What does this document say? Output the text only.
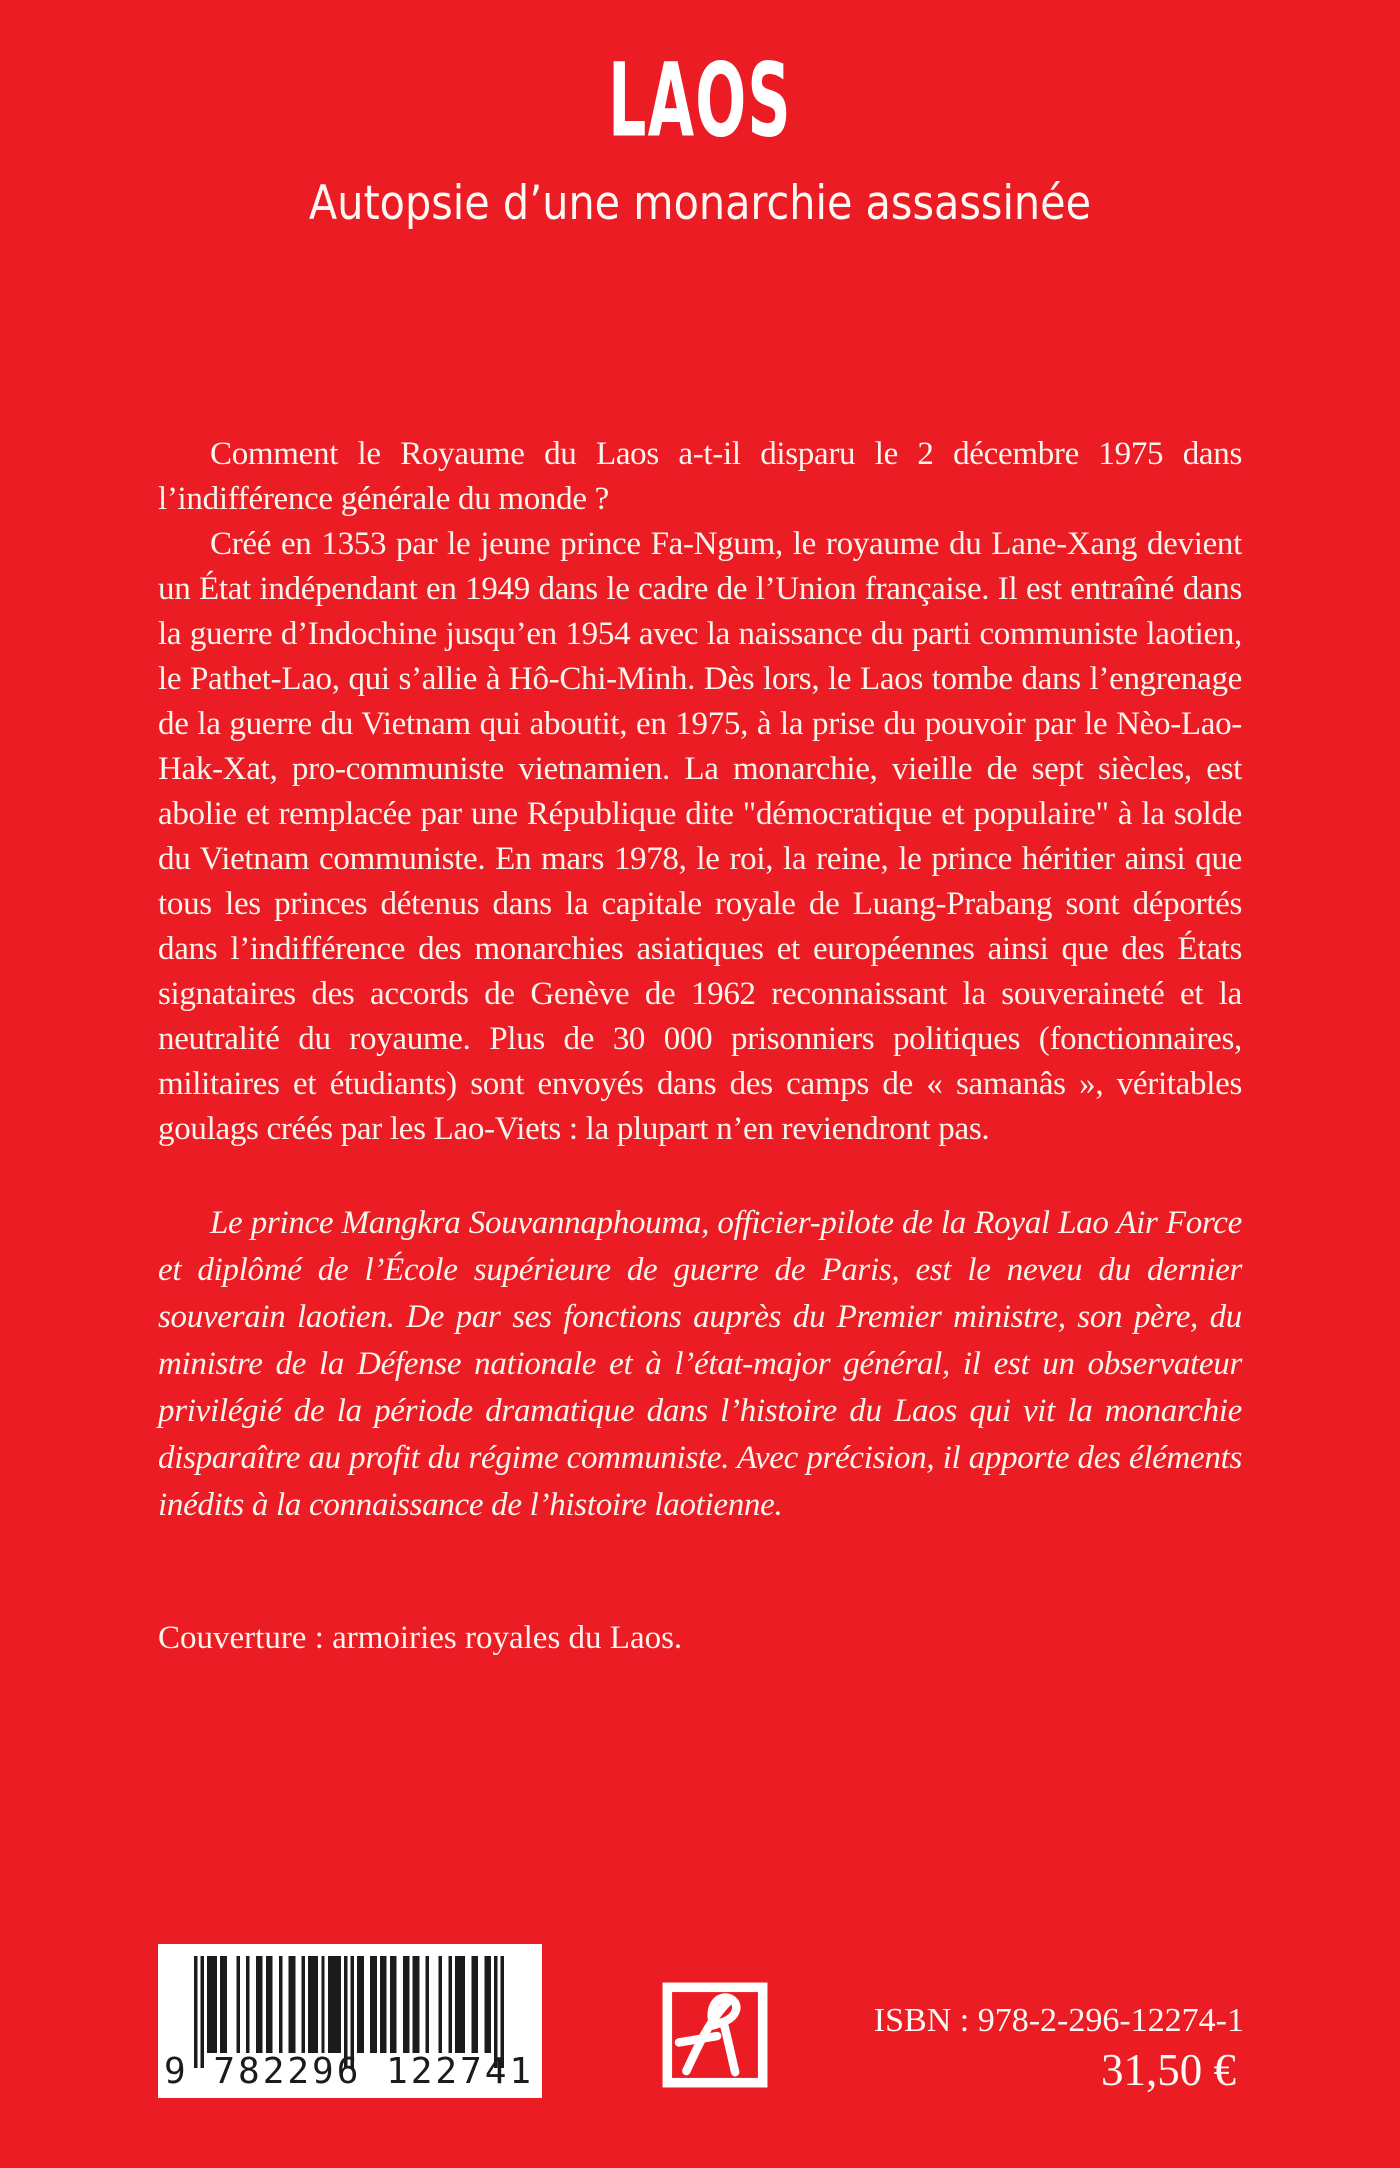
LAOS
Autopsie d’une monarchie assassinée

Comment le Royaume du Laos a-t-il disparu le 2 décembre 1975 dans l’indifférence générale du monde ?

Créé en 1353 par le jeune prince Fa-Ngum, le royaume du Lane-Xang devient un État indépendant en 1949 dans le cadre de l’Union française. Il est entraîné dans la guerre d’Indochine jusqu’en 1954 avec la naissance du parti communiste laotien, le Pathet-Lao, qui s’allie à Hô-Chi-Minh. Dès lors, le Laos tombe dans l’engrenage de la guerre du Vietnam qui aboutit, en 1975, à la prise du pouvoir par le Nèo-Lao-Hak-Xat, pro-communiste vietnamien. La monarchie, vieille de sept siècles, est abolie et remplacée par une République dite "démocratique et populaire" à la solde du Vietnam communiste. En mars 1978, le roi, la reine, le prince héritier ainsi que tous les princes détenus dans la capitale royale de Luang-Prabang sont déportés dans l’indifférence des monarchies asiatiques et européennes ainsi que des États signataires des accords de Genève de 1962 reconnaissant la souveraineté et la neutralité du royaume. Plus de 30 000 prisonniers politiques (fonctionnaires, militaires et étudiants) sont envoyés dans des camps de « samanâs », véritables goulags créés par les Lao-Viets : la plupart n’en reviendront pas.

Le prince Mangkra Souvannaphouma, officier-pilote de la Royal Lao Air Force et diplômé de l’École supérieure de guerre de Paris, est le neveu du dernier souverain laotien. De par ses fonctions auprès du Premier ministre, son père, du ministre de la Défense nationale et à l’état-major général, il est un observateur privilégié de la période dramatique dans l’histoire du Laos qui vit la monarchie disparaître au profit du régime communiste. Avec précision, il apporte des éléments inédits à la connaissance de l’histoire laotienne.

Couverture : armoiries royales du Laos.

9 782296 122741

ISBN : 978-2-296-12274-1

31,50 €
